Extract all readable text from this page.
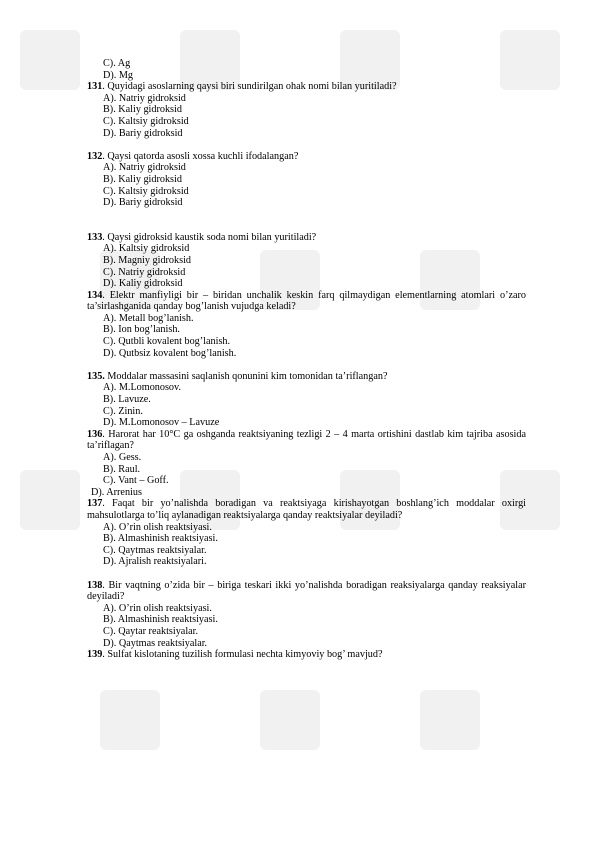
C). Ag
D). Mg
131. Quyidagi asoslarning qaysi biri sundirilgan ohak nomi bilan yuritiladi?
A). Natriy gidroksid
B). Kaliy gidroksid
C). Kaltsiy gidroksid
D). Bariy gidroksid
132. Qaysi qatorda asosli xossa kuchli ifodalangan?
A). Natriy gidroksid
B). Kaliy gidroksid
C). Kaltsiy gidroksid
D). Bariy gidroksid
133. Qaysi gidroksid kaustik soda nomi bilan yuritiladi?
A). Kaltsiy gidroksid
B). Magniy gidroksid
C). Natriy gidroksid
D). Kaliy gidroksid
134. Elektr manfiyligi bir – biridan unchalik keskin farq qilmaydigan elementlarning atomlari o’zaro ta’sirlashganida qanday bog’lanish vujudga keladi?
A). Metall bog’lanish.
B). Ion bog’lanish.
C). Qutbli kovalent bog’lanish.
D). Qutbsiz kovalent bog’lanish.
135. Moddalar massasini saqlanish qonunini kim tomonidan ta’riflangan?
A). M.Lomonosov.
B). Lavuze.
C). Zinin.
D). M.Lomonosov – Lavuze
136. Harorat har 10°C ga oshganda reaktsiyaning tezligi 2 – 4 marta ortishini dastlab kim tajriba asosida ta’riflagan?
A). Gess.
B). Raul.
C). Vant – Goff.
D). Arrenius
137. Faqat bir yo’nalishda boradigan va reaktsiyaga kirishayotgan boshlang’ich moddalar oxirgi mahsulotlarga to’liq aylanadigan reaktsiyalarga qanday reaktsiyalar deyiladi?
A). O’rin olish reaktsiyasi.
B). Almashinish reaktsiyasi.
C). Qaytmas reaktsiyalar.
D). Ajralish reaktsiyalari.
138. Bir vaqtning o’zida bir – biriga teskari ikki yo’nalishda boradigan reaksiyalarga qanday reaksiyalar deyiladi?
A). O’rin olish reaktsiyasi.
B). Almashinish reaktsiyasi.
C). Qaytar reaktsiyalar.
D). Qaytmas reaktsiyalar.
139. Sulfat kislotaning tuzilish formulasi nechta kimyoviy bog’ mavjud?
